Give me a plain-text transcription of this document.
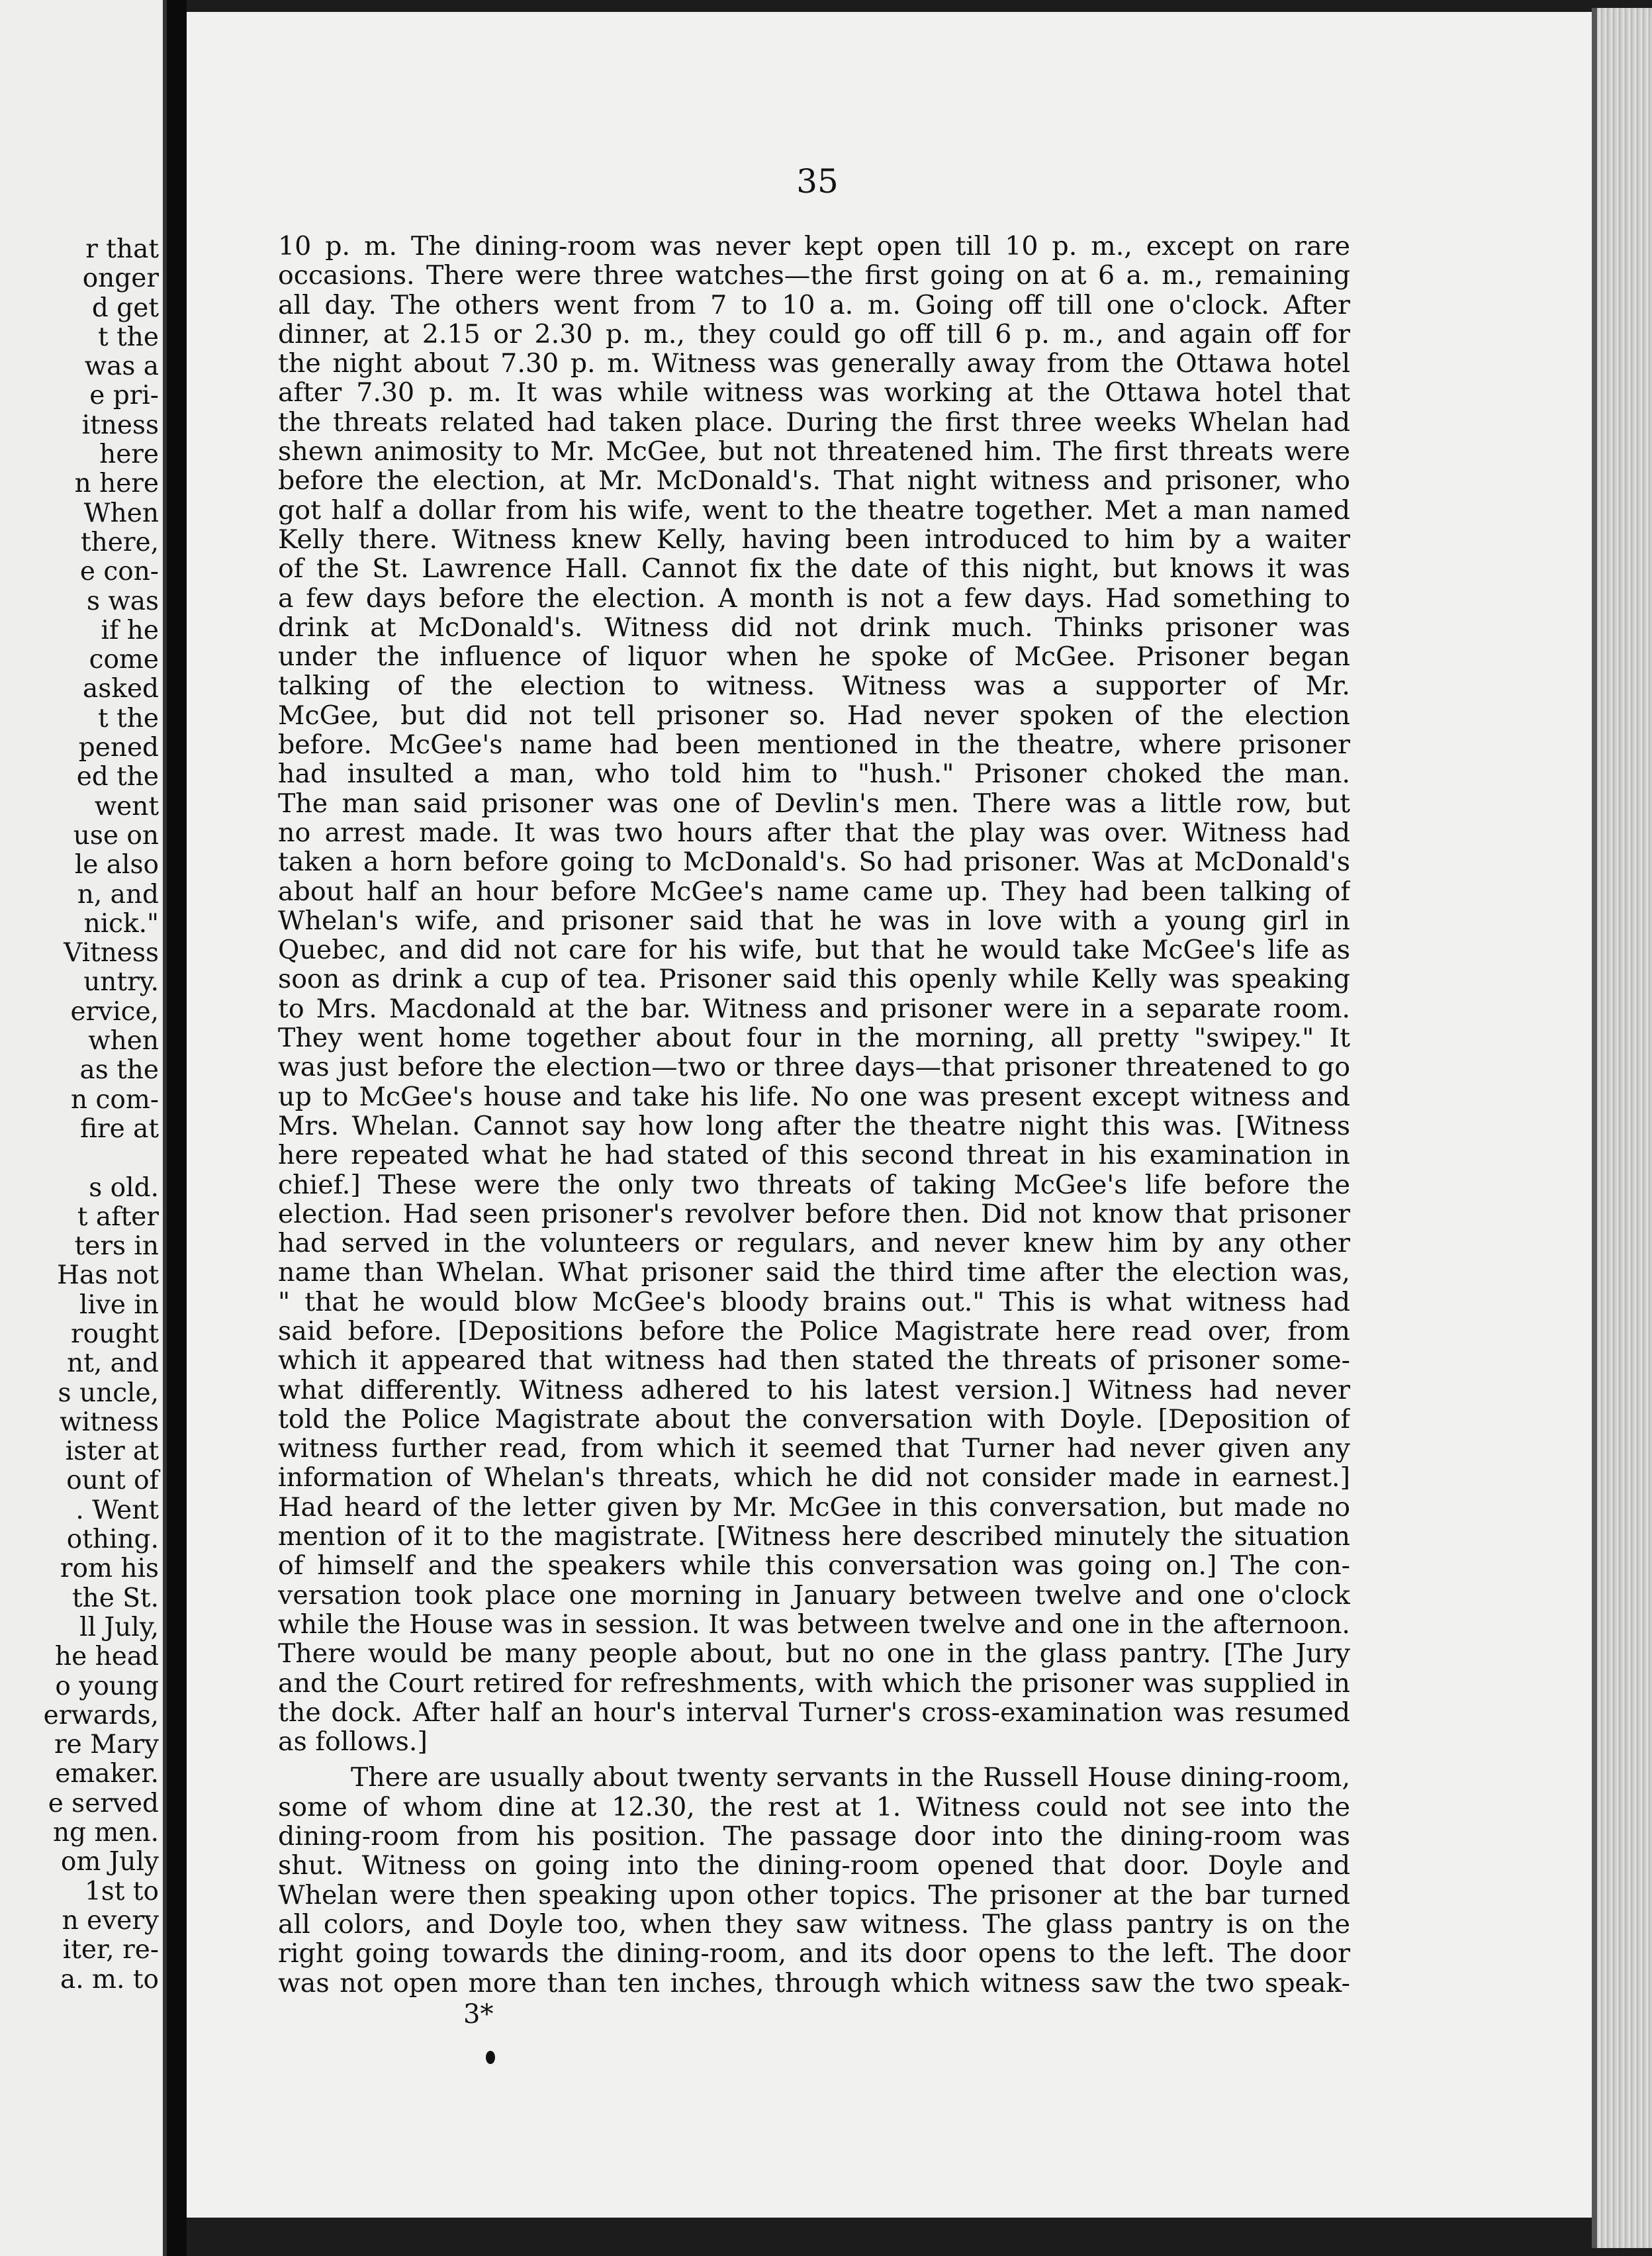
r that
onger
d get
t the
was a
e pri-
itness
here
n here
When
there,
e con-
s was
if he
come
asked
t the
pened
ed the
went
use on
le also
n, and
nick."
Vitness
untry.
ervice,
when
as the
n com-
fire at
s old.
t after
ters in
Has not
live in
rought
nt, and
s uncle,
witness
ister at
ount of
. Went
othing.
rom his
the St.
ll July,
he head
o young
erwards,
re Mary
emaker.
e served
ng men.
om July
1st to
n every
iter, re-
a. m. to
35
10 p. m. The dining-room was never kept open till 10 p. m., except on rare
occasions. There were three watches—the first going on at 6 a. m., remaining
all day. The others went from 7 to 10 a. m. Going off till one o'clock. After
dinner, at 2.15 or 2.30 p. m., they could go off till 6 p. m., and again off for
the night about 7.30 p. m. Witness was generally away from the Ottawa hotel
after 7.30 p. m. It was while witness was working at the Ottawa hotel that
the threats related had taken place. During the first three weeks Whelan had
shewn animosity to Mr. McGee, but not threatened him. The first threats were
before the election, at Mr. McDonald's. That night witness and prisoner, who
got half a dollar from his wife, went to the theatre together. Met a man named
Kelly there. Witness knew Kelly, having been introduced to him by a waiter
of the St. Lawrence Hall. Cannot fix the date of this night, but knows it was
a few days before the election. A month is not a few days. Had something to
drink at McDonald's. Witness did not drink much. Thinks prisoner was
under the influence of liquor when he spoke of McGee. Prisoner began
talking of the election to witness. Witness was a supporter of Mr.
McGee, but did not tell prisoner so. Had never spoken of the election
before. McGee's name had been mentioned in the theatre, where prisoner
had insulted a man, who told him to "hush." Prisoner choked the man.
The man said prisoner was one of Devlin's men. There was a little row, but
no arrest made. It was two hours after that the play was over. Witness had
taken a horn before going to McDonald's. So had prisoner. Was at McDonald's
about half an hour before McGee's name came up. They had been talking of
Whelan's wife, and prisoner said that he was in love with a young girl in
Quebec, and did not care for his wife, but that he would take McGee's life as
soon as drink a cup of tea. Prisoner said this openly while Kelly was speaking
to Mrs. Macdonald at the bar. Witness and prisoner were in a separate room.
They went home together about four in the morning, all pretty "swipey." It
was just before the election—two or three days—that prisoner threatened to go
up to McGee's house and take his life. No one was present except witness and
Mrs. Whelan. Cannot say how long after the theatre night this was. [Witness
here repeated what he had stated of this second threat in his examination in
chief.] These were the only two threats of taking McGee's life before the
election. Had seen prisoner's revolver before then. Did not know that prisoner
had served in the volunteers or regulars, and never knew him by any other
name than Whelan. What prisoner said the third time after the election was,
" that he would blow McGee's bloody brains out." This is what witness had
said before. [Depositions before the Police Magistrate here read over, from
which it appeared that witness had then stated the threats of prisoner some-
what differently. Witness adhered to his latest version.] Witness had never
told the Police Magistrate about the conversation with Doyle. [Deposition of
witness further read, from which it seemed that Turner had never given any
information of Whelan's threats, which he did not consider made in earnest.]
Had heard of the letter given by Mr. McGee in this conversation, but made no
mention of it to the magistrate. [Witness here described minutely the situation
of himself and the speakers while this conversation was going on.] The con-
versation took place one morning in January between twelve and one o'clock
while the House was in session. It was between twelve and one in the afternoon.
There would be many people about, but no one in the glass pantry. [The Jury
and the Court retired for refreshments, with which the prisoner was supplied in
the dock. After half an hour's interval Turner's cross-examination was resumed
as follows.]
There are usually about twenty servants in the Russell House dining-room,
some of whom dine at 12.30, the rest at 1. Witness could not see into the
dining-room from his position. The passage door into the dining-room was
shut. Witness on going into the dining-room opened that door. Doyle and
Whelan were then speaking upon other topics. The prisoner at the bar turned
all colors, and Doyle too, when they saw witness. The glass pantry is on the
right going towards the dining-room, and its door opens to the left. The door
was not open more than ten inches, through which witness saw the two speak-
3*
